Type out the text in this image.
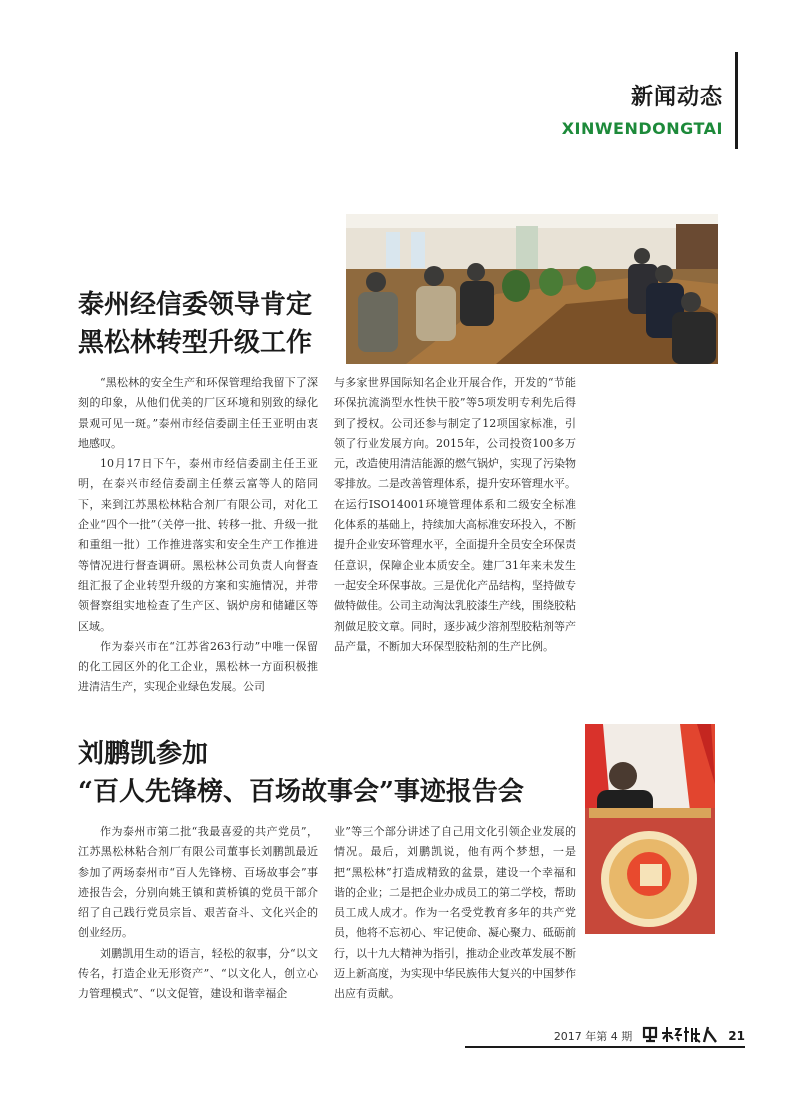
新闻动态
XINWENDONGTAI
泰州经信委领导肯定
黑松林转型升级工作

“黑松林的安全生产和环保管理给我留下了深刻的印象，从他们优美的厂区环境和别致的绿化景观可见一斑。”泰州市经信委副主任王亚明由衷地感叹。

10月17日下午，泰州市经信委副主任王亚明，在泰兴市经信委副主任蔡云富等人的陪同下，来到江苏黑松林粘合剂厂有限公司，对化工企业“四个一批”（关停一批、转移一批、升级一批和重组一批）工作推进落实和安全生产工作推进等情况进行督查调研。黑松林公司负责人向督查组汇报了企业转型升级的方案和实施情况，并带领督察组实地检查了生产区、锅炉房和储罐区等区域。

作为泰兴市在“江苏省263行动”中唯一保留的化工园区外的化工企业，黑松林一方面积极推进清洁生产，实现企业绿色发展。公司

与多家世界国际知名企业开展合作，开发的“节能环保抗流淌型水性快干胶”等5项发明专利先后得到了授权。公司还参与制定了12项国家标准，引领了行业发展方向。2015年，公司投资100多万元，改造使用清洁能源的燃气锅炉，实现了污染物零排放。二是改善管理体系，提升安环管理水平。在运行ISO14001环境管理体系和二级安全标准化体系的基础上，持续加大高标准安环投入，不断提升企业安环管理水平，全面提升全员安全环保责任意识，保障企业本质安全。建厂31年来未发生一起安全环保事故。三是优化产品结构，坚持做专做特做佳。公司主动淘汰乳胶漆生产线，围绕胶粘剂做足胶文章。同时，逐步减少溶剂型胶粘剂等产品产量，不断加大环保型胶粘剂的生产比例。

刘鹏凯参加
“百人先锋榜、百场故事会”事迹报告会

作为泰州市第二批“我最喜爱的共产党员”，江苏黑松林粘合剂厂有限公司董事长刘鹏凯最近参加了两场泰州市“百人先锋榜、百场故事会”事迹报告会，分别向姚王镇和黄桥镇的党员干部介绍了自己践行党员宗旨、艰苦奋斗、文化兴企的创业经历。

刘鹏凯用生动的语言，轻松的叙事，分“以文传名，打造企业无形资产”、“以文化人，创立心力管理模式”、“以文促管，建设和谐幸福企

业”等三个部分讲述了自己用文化引领企业发展的情况。最后，刘鹏凯说，他有两个梦想，一是把“黑松林”打造成精致的盆景，建设一个幸福和谐的企业；二是把企业办成员工的第二学校，帮助员工成人成才。作为一名受党教育多年的共产党员，他将不忘初心、牢记使命、凝心聚力、砥砺前行，以十九大精神为指引，推动企业改革发展不断迈上新高度，为实现中华民族伟大复兴的中国梦作出应有贡献。

2017 年第 4 期	21
